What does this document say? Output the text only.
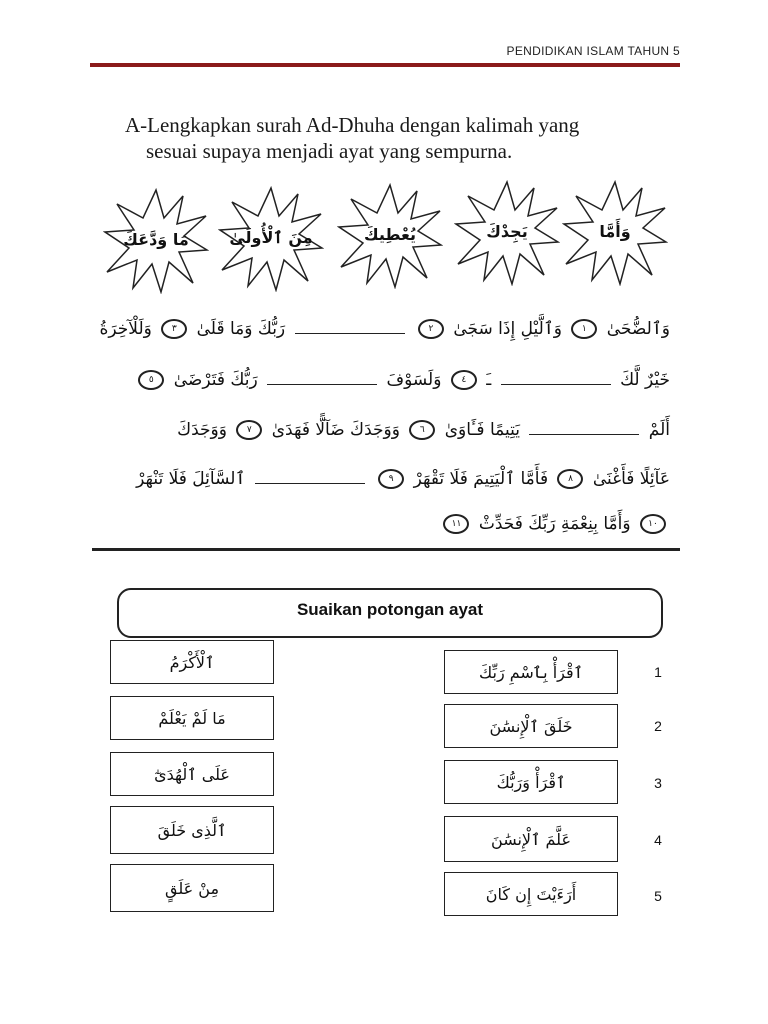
PENDIDIKAN ISLAM TAHUN 5
A-Lengkapkan surah Ad-Dhuha dengan kalimah yang
sesuai supaya menjadi ayat yang sempurna.
مَا وَدَّعَكَ	مِنَ ٱلْأُولَىٰ	يُعْطِيكَ	يَجِدْكَ	وَأَمَّا
وَٱلضُّحَىٰ ١ وَٱلَّيْلِ إِذَا سَجَىٰ ٢  رَبُّكَ وَمَا قَلَىٰ ٣ وَلَلْآخِرَةُ
خَيْرٌ لَّكَ  ـَ ٤ وَلَسَوْفَ  رَبُّكَ فَتَرْضَىٰ ٥
أَلَمْ  يَتِيمًا فَـَٔاوَىٰ ٦ وَوَجَدَكَ ضَآلًّا فَهَدَىٰ ٧ وَوَجَدَكَ
عَآئِلًا فَأَغْنَىٰ ٨ فَأَمَّا ٱلْيَتِيمَ فَلَا تَقْهَرْ ٩  ٱلسَّآئِلَ فَلَا تَنْهَرْ
١٠ وَأَمَّا بِنِعْمَةِ رَبِّكَ فَحَدِّثْ ١١
Suaikan potongan ayat
ٱلْأَكْرَمُ
مَا لَمْ يَعْلَمْ
عَلَى ٱلْهُدَىٰٓ
ٱلَّذِى خَلَقَ
مِنْ عَلَقٍ
ٱقْرَأْ بِٱسْمِ رَبِّكَ
خَلَقَ ٱلْإِنسَٰنَ
ٱقْرَأْ وَرَبُّكَ
عَلَّمَ ٱلْإِنسَٰنَ
أَرَءَيْتَ إِن كَانَ
1
2
3
4
5
